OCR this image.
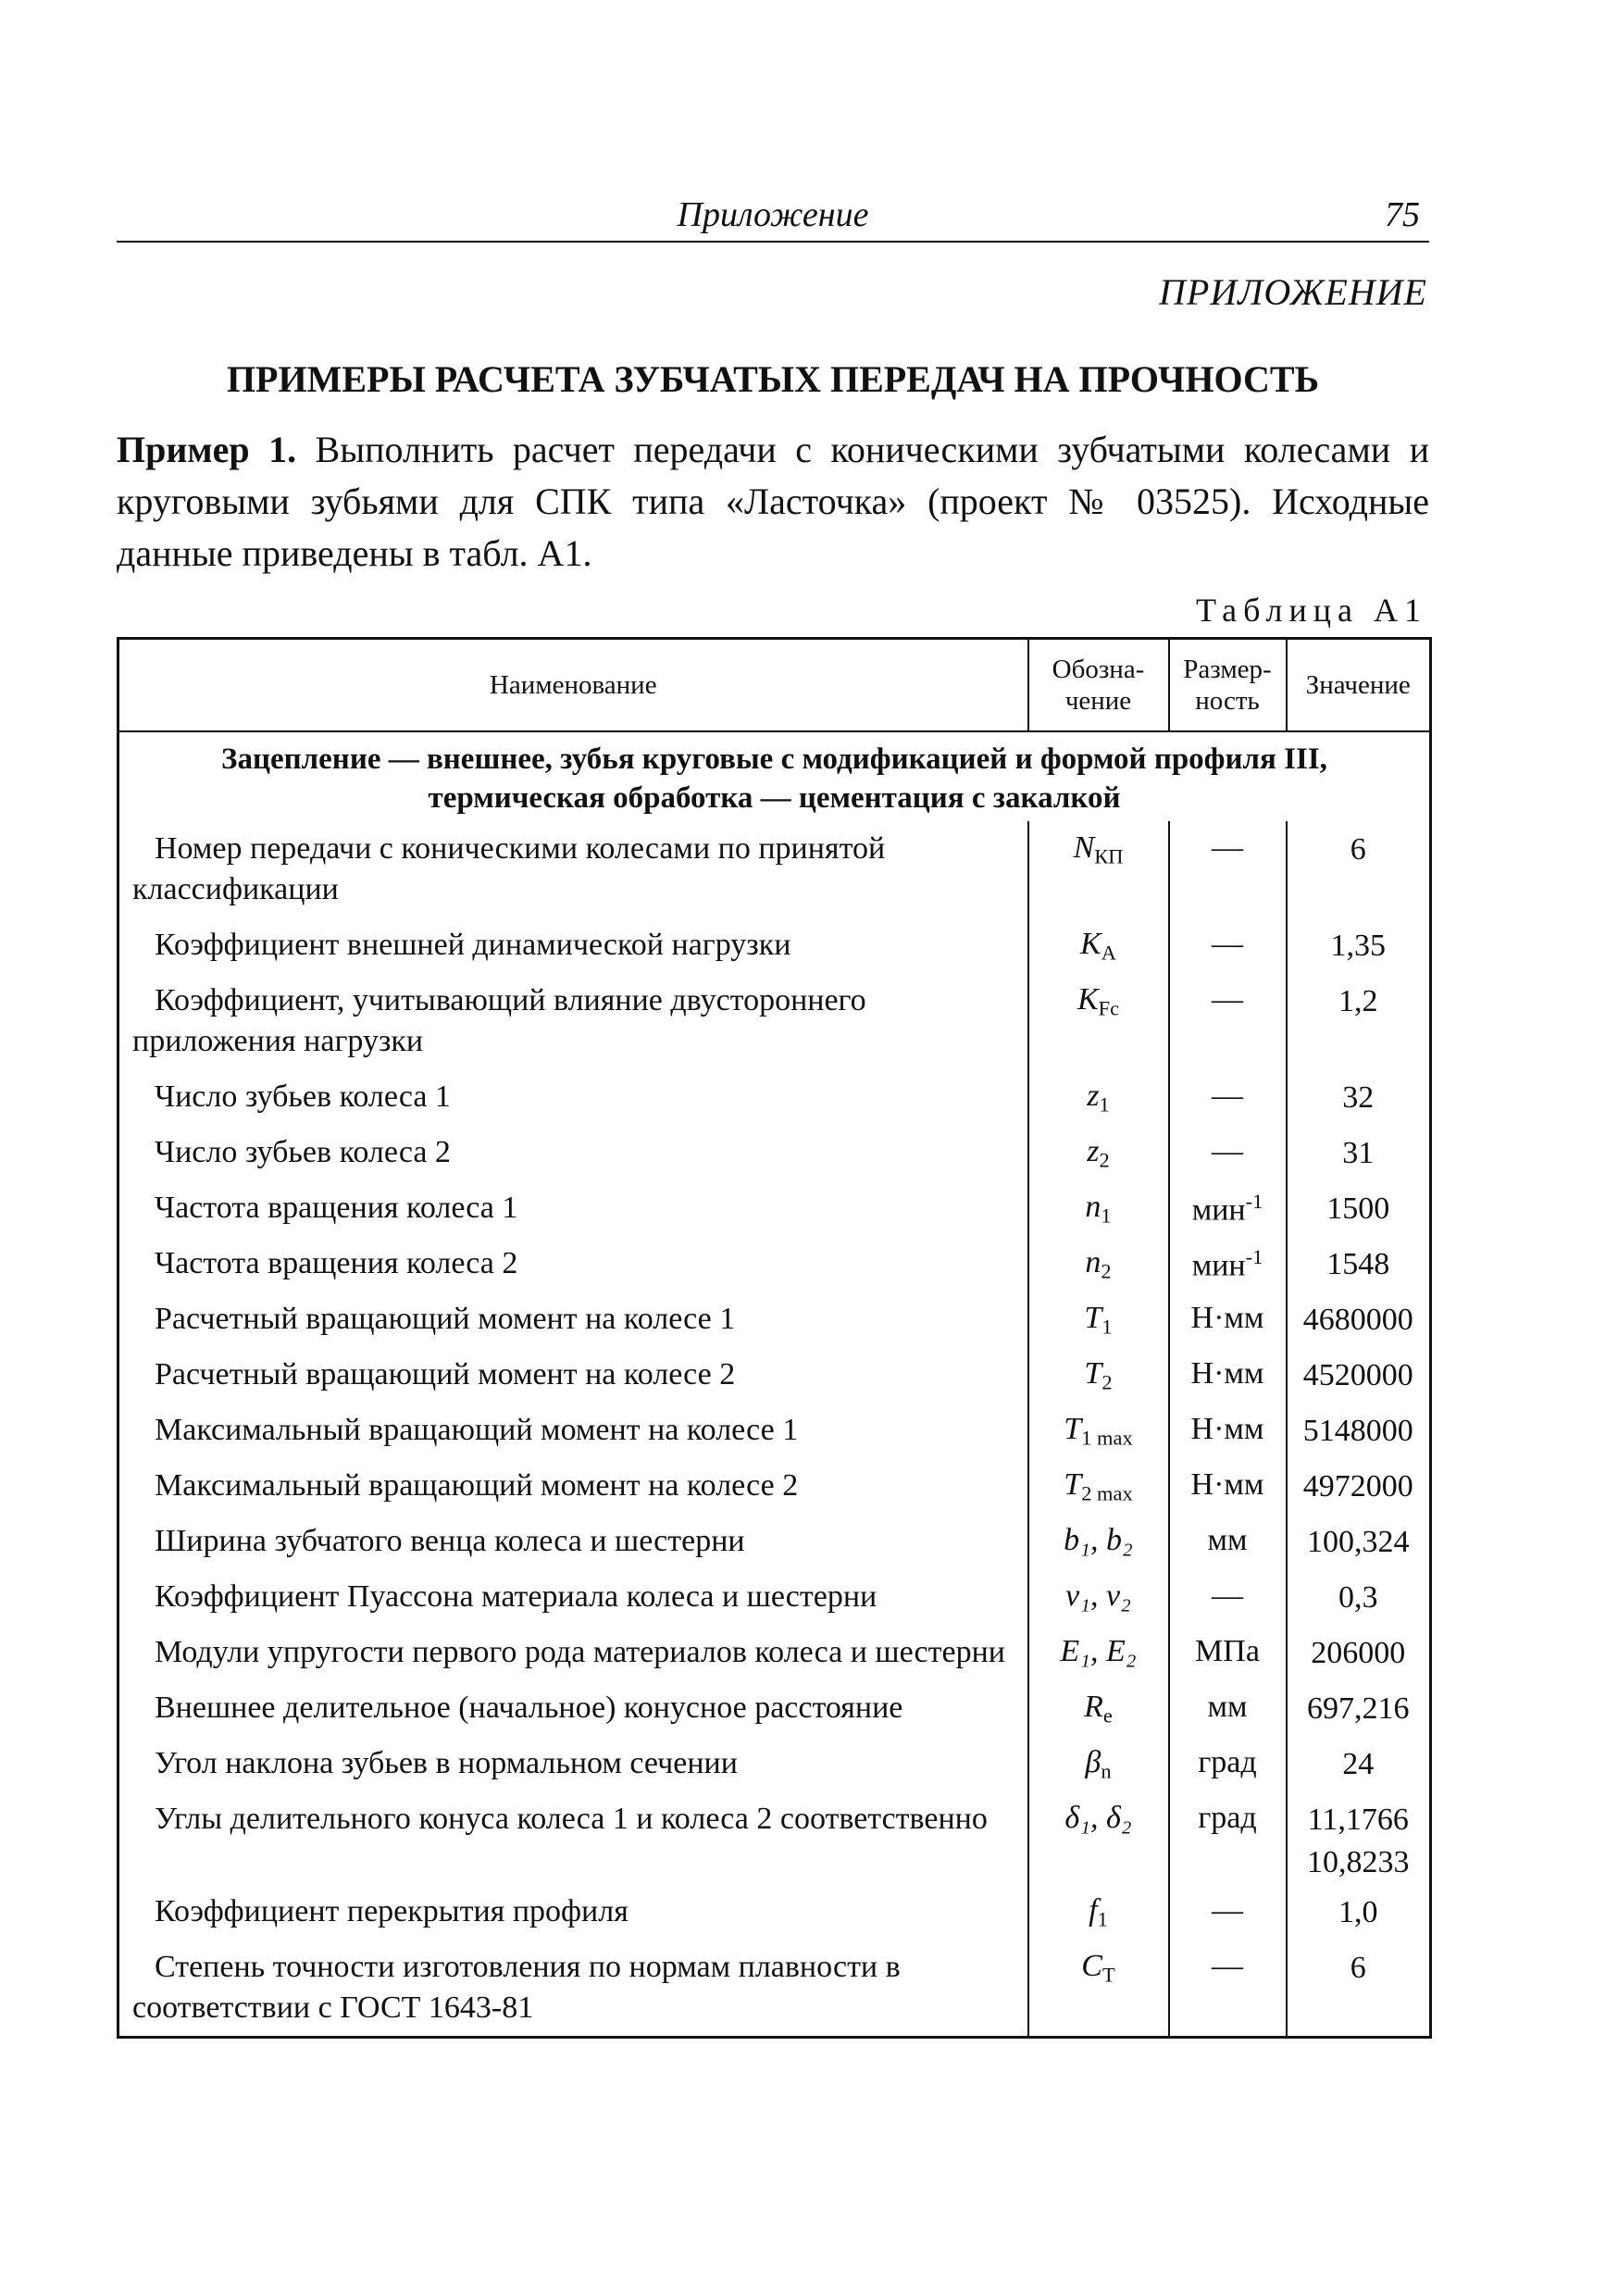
Приложение	75
ПРИЛОЖЕНИЕ
ПРИМЕРЫ РАСЧЕТА ЗУБЧАТЫХ ПЕРЕДАЧ НА ПРОЧНОСТЬ
Пример 1. Выполнить расчет передачи с коническими зубчатыми колесами и круговыми зубьями для СПК типа «Ласточка» (проект № 03525). Исходные данные приведены в табл. А1.
Таблица А1
Наименование	Обозна-чение	Размер-ность	Значение

Зацепление — внешнее, зубья круговые с модификацией и формой профиля III,
термическая обработка — цементация с закалкой			

Номер передачи с коническими колесами по принятой классификации	$N_{КП}$	—	6

Коэффициент внешней динамической нагрузки	$K_A$	—	1,35

Коэффициент, учитывающий влияние двустороннего приложения нагрузки	$K_{Fc}$	—	1,2

Число зубьев колеса 1	$z_1$	—	32

Число зубьев колеса 2	$z_2$	—	31

Частота вращения колеса 1	$n_1$	мин$^{-1}$	1500

Частота вращения колеса 2	$n_2$	мин$^{-1}$	1548

Расчетный вращающий момент на колесе 1	$T_1$	Н·мм	4680000

Расчетный вращающий момент на колесе 2	$T_2$	Н·мм	4520000

Максимальный вращающий момент на колесе 1	$T_{1 max}$	Н·мм	5148000

Максимальный вращающий момент на колесе 2	$T_{2 max}$	Н·мм	4972000

Ширина зубчатого венца колеса и шестерни	b₁, b₂	мм	100,324

Коэффициент Пуассона материала колеса и шестерни	ν₁, ν₂	—	0,3

Модули упругости первого рода материалов колеса и шестерни	E₁, E₂	МПа	206000

Внешнее делительное (начальное) конусное расстояние	$R_e$	мм	697,216

Угол наклона зубьев в нормальном сечении	$\beta_n$	град	24

Углы делительного конуса колеса 1 и колеса 2 соответственно	δ₁, δ₂	град	11,1766
10,8233

Коэффициент перекрытия профиля	$f_1$	—	1,0

Степень точности изготовления по нормам плавности в соответствии с ГОСТ 1643-81	$C_T$	—	6
